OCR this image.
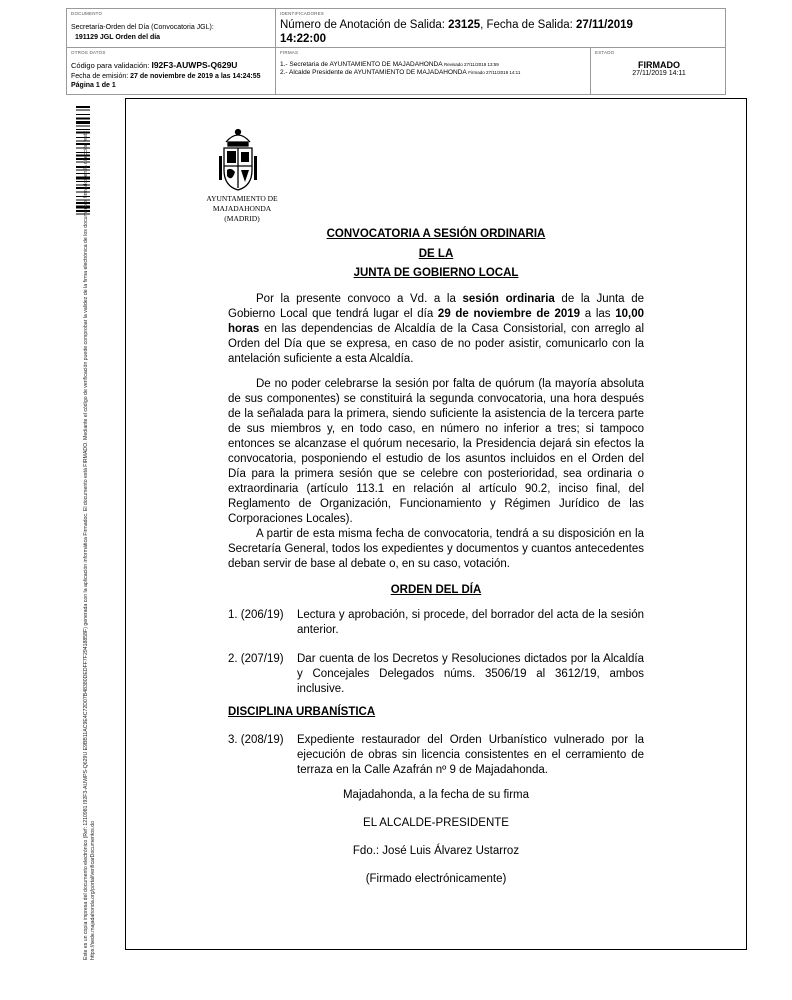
DOCUMENTO
Secretaría-Orden del Día (Convocatoria JGL):
191129 JGL Orden del día
IDENTIFICADORES
Número de Anotación de Salida: 23125, Fecha de Salida: 27/11/2019
14:22:00
OTROS DATOS
Código para validación: I92F3-AUWPS-Q629U
Fecha de emisión: 27 de noviembre de 2019 a las 14:24:55
Página 1 de 1
FIRMAS
1.- Secretaria de AYUNTAMIENTO DE MAJADAHONDA Revisado 27/11/2019 13:59
2.- Alcalde Presidente de AYUNTAMIENTO DE MAJADAHONDA Firmado 27/11/2019 14:11
ESTADO
FIRMADO
27/11/2019 14:11
Este es un copia impresa del documento electrónico (Ref: 1210981 I92F3-AUWPS-Q629U E9BB11AC9E4C72D07B48380DEDFF7F29418858F) generada con la aplicación informática Firmadoc. El documento está FIRMADO. Mediante el código de verificación puede comprobar la validez de la firma electrónica de los documentos firmados en la dirección web: https://sede.majadahonda.org/portal/verificarDocumentos.do
AYUNTAMIENTO DE
MAJADAHONDA
(MADRID)
CONVOCATORIA A SESIÓN ORDINARIA
DE LA
JUNTA DE GOBIERNO LOCAL
Por la presente convoco a Vd. a la sesión ordinaria de la Junta de Gobierno Local que tendrá lugar el día 29 de noviembre de 2019 a las 10,00 horas en las dependencias de Alcaldía de la Casa Consistorial, con arreglo al Orden del Día que se expresa, en caso de no poder asistir, comunicarlo con la antelación suficiente a esta Alcaldía.
De no poder celebrarse la sesión por falta de quórum (la mayoría absoluta de sus componentes) se constituirá la segunda convocatoria, una hora después de la señalada para la primera, siendo suficiente la asistencia de la tercera parte de sus miembros y, en todo caso, en número no inferior a tres; si tampoco entonces se alcanzase el quórum necesario, la Presidencia dejará sin efectos la convocatoria, posponiendo el estudio de los asuntos incluidos en el Orden del Día para la primera sesión que se celebre con posterioridad, sea ordinaria o extraordinaria (artículo 113.1 en relación al artículo 90.2, inciso final, del Reglamento de Organización, Funcionamiento y Régimen Jurídico de las Corporaciones Locales).
A partir de esta misma fecha de convocatoria, tendrá a su disposición en la Secretaría General, todos los expedientes y documentos y cuantos antecedentes deban servir de base al debate o, en su caso, votación.
ORDEN DEL DÍA
1. (206/19) Lectura y aprobación, si procede, del borrador del acta de la sesión anterior.
2. (207/19) Dar cuenta de los Decretos y Resoluciones dictados por la Alcaldía y Concejales Delegados núms. 3506/19 al 3612/19, ambos inclusive.
DISCIPLINA URBANÍSTICA
3. (208/19) Expediente restaurador del Orden Urbanístico vulnerado por la ejecución de obras sin licencia consistentes en el cerramiento de terraza en la Calle Azafrán nº 9 de Majadahonda.
Majadahonda, a la fecha de su firma
EL ALCALDE-PRESIDENTE
Fdo.: José Luis Álvarez Ustarroz
(Firmado electrónicamente)
